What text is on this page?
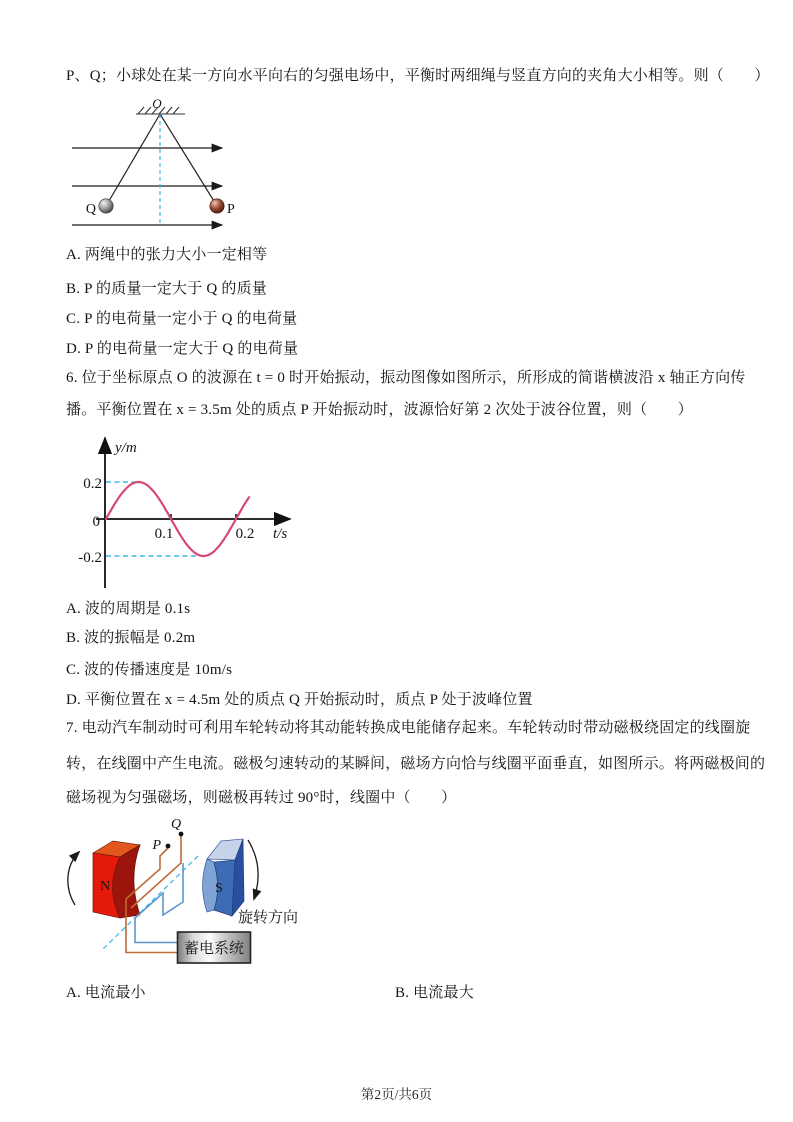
P、Q；小球处在某一方向水平向右的匀强电场中，平衡时两细绳与竖直方向的夹角大小相等。则（　　）
O
Q	P
A. 两绳中的张力大小一定相等
B. P 的质量一定大于 Q 的质量
C. P 的电荷量一定小于 Q 的电荷量
D. P 的电荷量一定大于 Q 的电荷量
6. 位于坐标原点 O 的波源在 t = 0 时开始振动，振动图像如图所示，所形成的简谐横波沿 x 轴正方向传
播。平衡位置在 x = 3.5m 处的质点 P 开始振动时，波源恰好第 2 次处于波谷位置，则（　　）
y/m
0.2
0
-0.2
0.1	0.2 t/s
A. 波的周期是 0.1s
B. 波的振幅是 0.2m
C. 波的传播速度是 10m/s
D. 平衡位置在 x = 4.5m 处的质点 Q 开始振动时，质点 P 处于波峰位置
7. 电动汽车制动时可利用车轮转动将其动能转换成电能储存起来。车轮转动时带动磁极绕固定的线圈旋
转，在线圈中产生电流。磁极匀速转动的某瞬间，磁场方向恰与线圈平面垂直，如图所示。将两磁极间的
磁场视为匀强磁场，则磁极再转过 90°时，线圈中（　　）
N	S
P
Q
蓄电系统
旋转方向
A. 电流最小	B. 电流最大
第2页/共6页
